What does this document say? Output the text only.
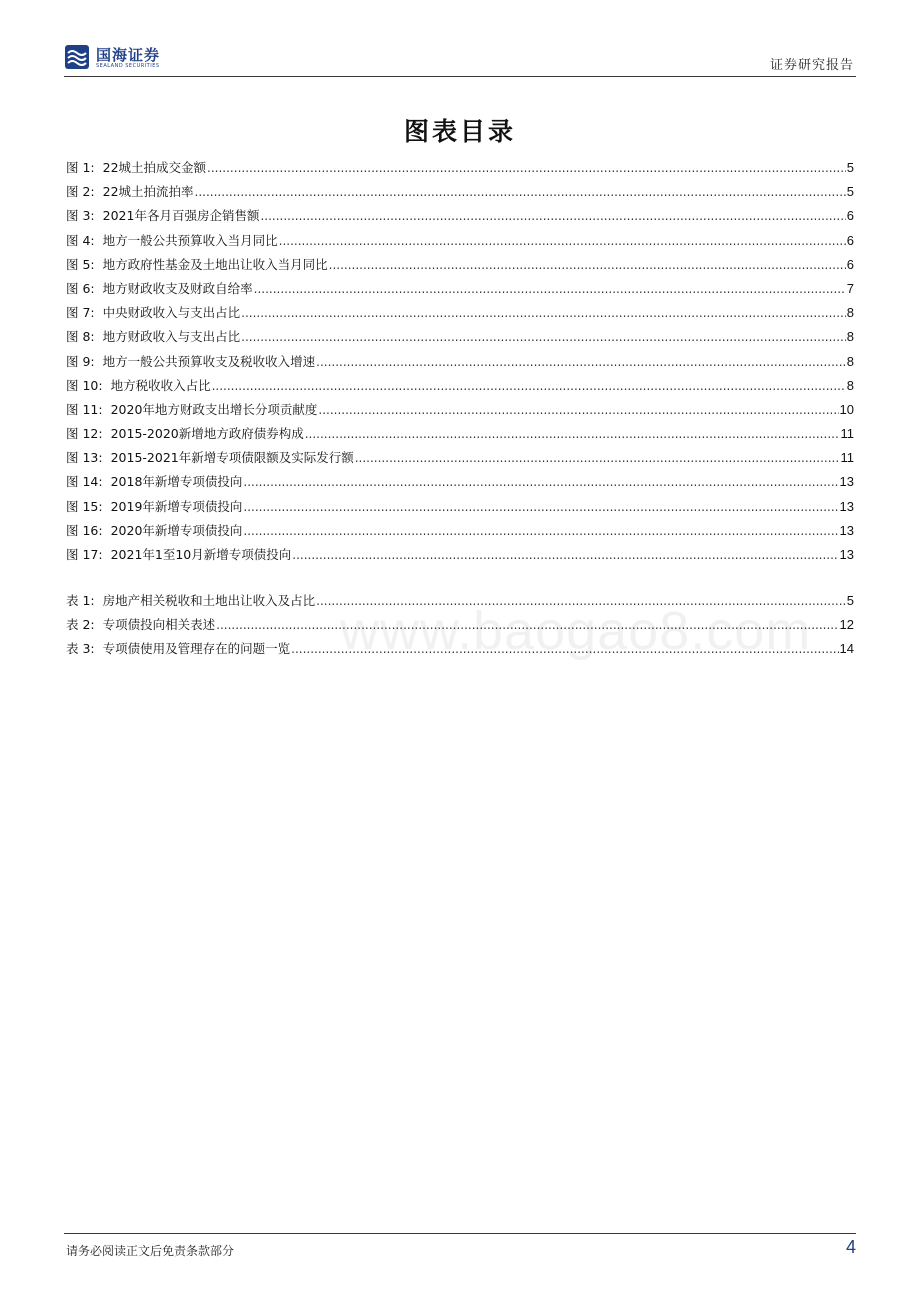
国海证券
SEALAND SECURITIES	证券研究报告
图表目录
www.baogao8.com
图 1: 22城土拍成交金额 .....	5
图 2: 22城土拍流拍率 .....	5
图 3: 2021年各月百强房企销售额 .....	6
图 4: 地方一般公共预算收入当月同比 .....	6
图 5: 地方政府性基金及土地出让收入当月同比 .....	6
图 6: 地方财政收支及财政自给率 .....	7
图 7: 中央财政收入与支出占比 .....	8
图 8: 地方财政收入与支出占比 .....	8
图 9: 地方一般公共预算收支及税收收入增速 .....	8
图 10: 地方税收收入占比 .....	8
图 11: 2020年地方财政支出增长分项贡献度 .....	10
图 12: 2015-2020新增地方政府债券构成 .....	11
图 13: 2015-2021年新增专项债限额及实际发行额 .....	11
图 14: 2018年新增专项债投向 .....	13
图 15: 2019年新增专项债投向 .....	13
图 16: 2020年新增专项债投向 .....	13
图 17: 2021年1至10月新增专项债投向 .....	13
表 1: 房地产相关税收和土地出让收入及占比 .....	5
表 2: 专项债投向相关表述 .....	12
表 3: 专项债使用及管理存在的问题一览 .....	14
请务必阅读正文后免责条款部分	4
